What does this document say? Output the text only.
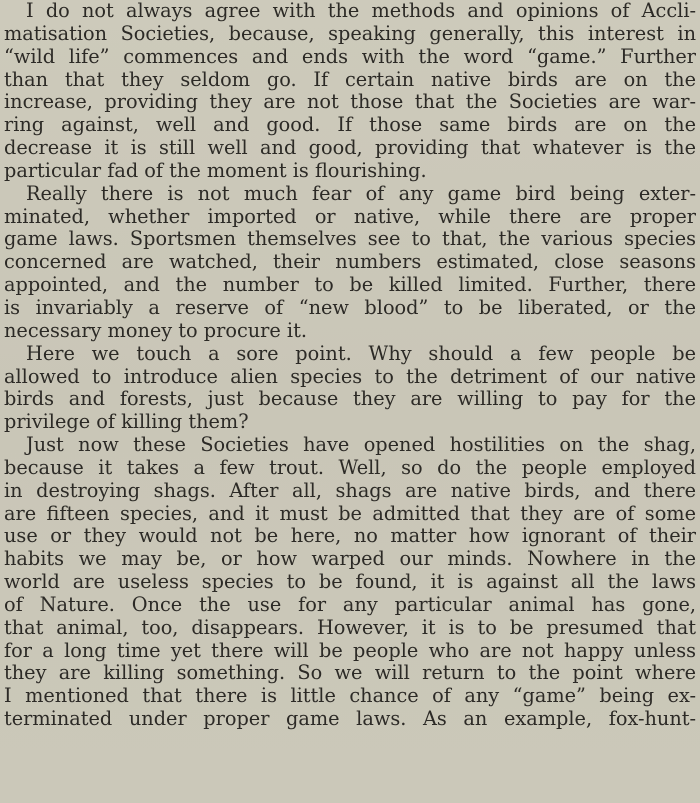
I do not always agree with the methods and opinions of Accli-
matisation Societies, because, speaking generally, this interest in
“wild life” commences and ends with the word “game.” Further
than that they seldom go. If certain native birds are on the
increase, providing they are not those that the Societies are war-
ring against, well and good. If those same birds are on the
decrease it is still well and good, providing that whatever is the
particular fad of the moment is flourishing.
Really there is not much fear of any game bird being exter-
minated, whether imported or native, while there are proper
game laws. Sportsmen themselves see to that, the various species
concerned are watched, their numbers estimated, close seasons
appointed, and the number to be killed limited. Further, there
is invariably a reserve of “new blood” to be liberated, or the
necessary money to procure it.
Here we touch a sore point. Why should a few people be
allowed to introduce alien species to the detriment of our native
birds and forests, just because they are willing to pay for the
privilege of killing them?
Just now these Societies have opened hostilities on the shag,
because it takes a few trout. Well, so do the people employed
in destroying shags. After all, shags are native birds, and there
are fifteen species, and it must be admitted that they are of some
use or they would not be here, no matter how ignorant of their
habits we may be, or how warped our minds. Nowhere in the
world are useless species to be found, it is against all the laws
of Nature. Once the use for any particular animal has gone,
that animal, too, disappears. However, it is to be presumed that
for a long time yet there will be people who are not happy unless
they are killing something. So we will return to the point where
I mentioned that there is little chance of any “game” being ex-
terminated under proper game laws. As an example, fox-hunt-
